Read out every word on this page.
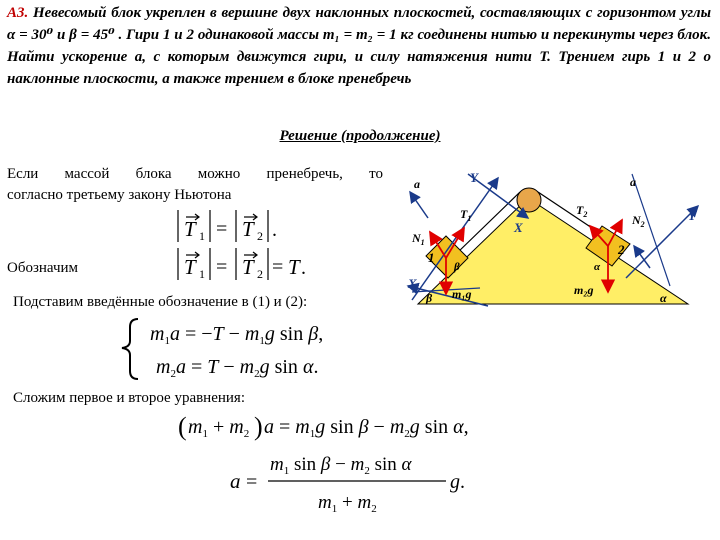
А3. Невесомый блок укреплен в вершине двух наклонных плоскостей, составляющих с горизонтом углы α = 30⁰ и β = 45⁰ . Гири 1 и 2 одинаковой массы m₁ = m₂ = 1 кг соединены нитью и перекинуты через блок. Найти ускорение a, с которым движутся гири, и силу натяжения нити T. Трением гирь 1 и 2 о наклонные плоскости, а также трением в блоке пренебречь
Решение (продолжение)
Если массой блока можно пренебречь, то
согласно третьему закону Ньютона
T 1 = T 2 .
Обозначим	T 1 = T 2 = T .
Подставим введённые обозначение в (1) и (2):
$m_1a = -T - m_1g$ sin β,
$m_2a = T - m_2g$ sin α.
Сложим первое и второе уравнения:
( $m_1 + m_2$ ) $a = m_1g$ $\sin \beta - m_2g$ sin α,
a =
$m_1$ $\sin \beta - m_2$ sin α
$m_1 + m_2$
g.
Y
Y
X
X
a	a
$T_1$
$T_2$
$N_1$
$N_2$
1
2
β
β
α
α
m₁g	m₂g
